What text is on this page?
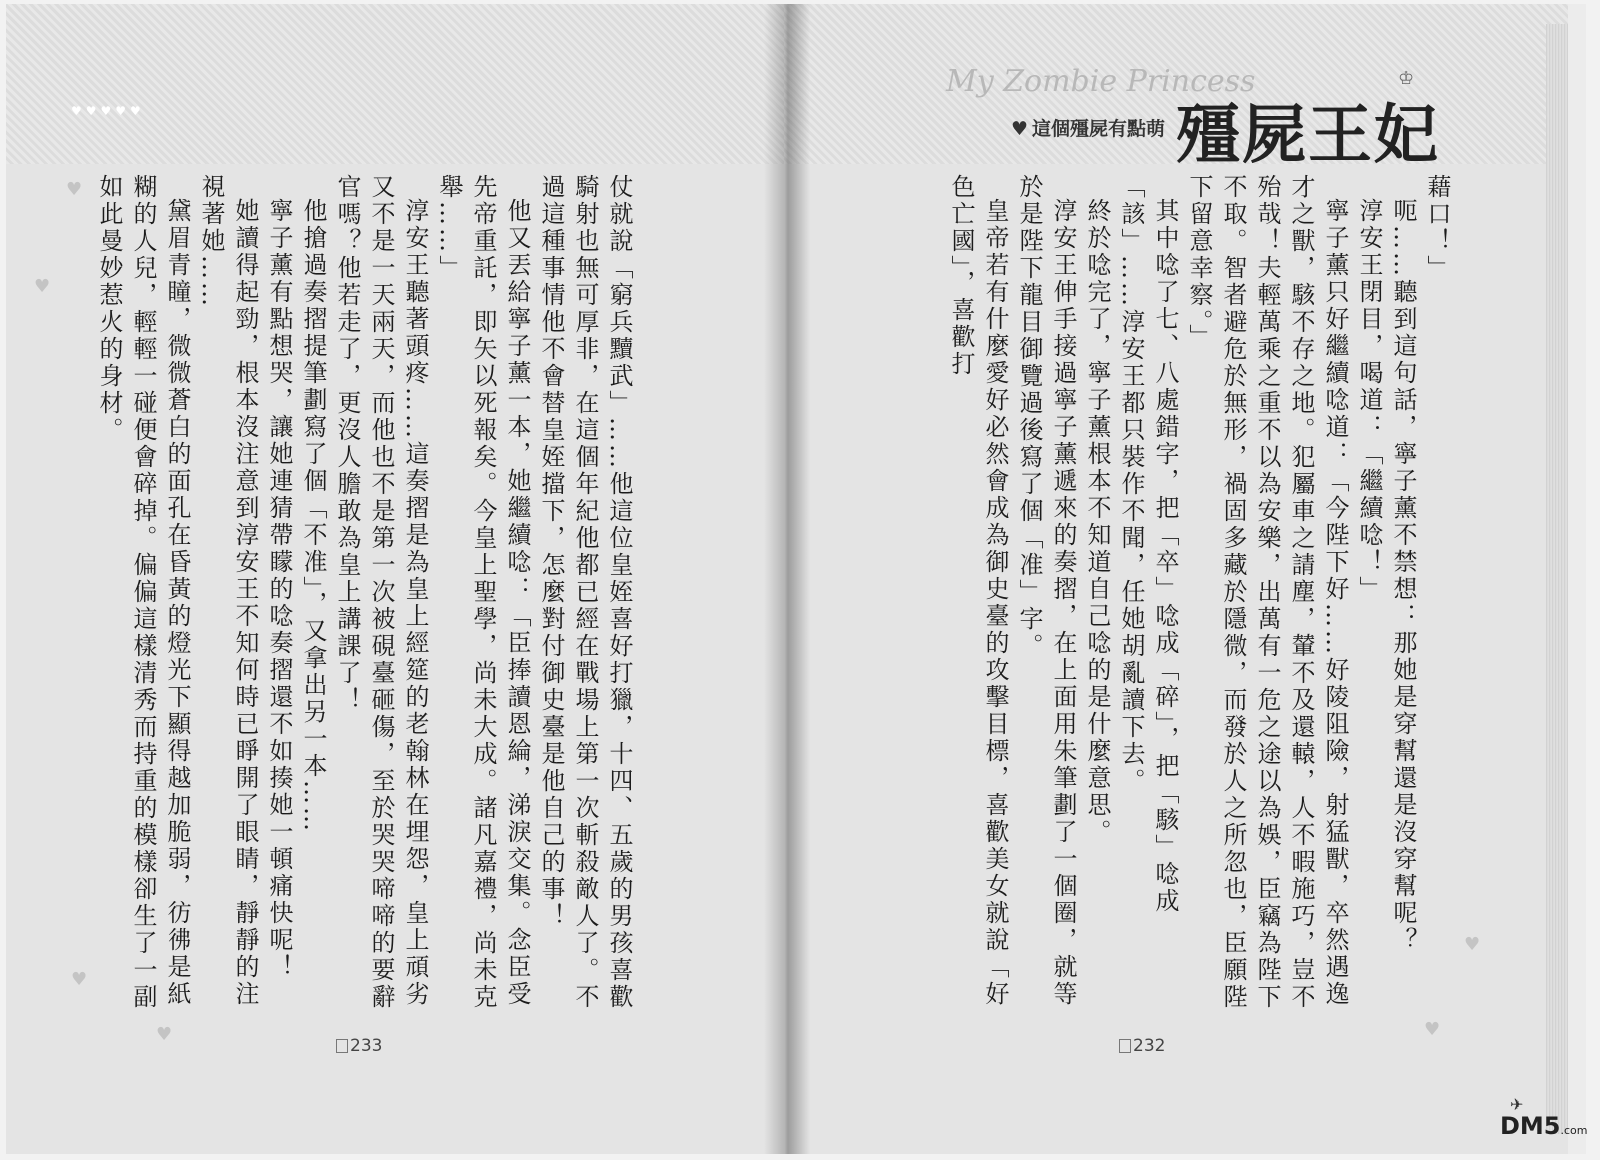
♥♥♥♥♥
♥
♥
♥
♥

仗就說「窮兵黷武」……他這位皇姪喜好打獵，十四、五歲的男孩喜歡騎射也無可厚非，在這個年紀他都已經在戰場上第一次斬殺敵人了。不過這種事情他不會替皇姪擋下，怎麼對付御史臺是他自己的事！

他又丟給寧子薰一本，她繼續唸：「臣捧讀恩綸，涕淚交集。念臣受先帝重託，即矢以死報矣。今皇上聖學，尚未大成。諸凡嘉禮，尚未克舉……」

淳安王聽著頭疼……這奏摺是為皇上經筵的老翰林在埋怨，皇上頑劣又不是一天兩天，而他也不是第一次被硯臺砸傷，至於哭哭啼啼的要辭官嗎？他若走了，更沒人膽敢為皇上講課了！

他搶過奏摺提筆劃寫了個「不准」，又拿出另一本……

寧子薰有點想哭，讓她連猜帶矇的唸奏摺還不如揍她一頓痛快呢！

她讀得起勁，根本沒注意到淳安王不知何時已睜開了眼睛，靜靜的注視著她……

黛眉青瞳，微微蒼白的面孔在昏黃的燈光下顯得越加脆弱，彷彿是紙糊的人兒，輕輕一碰便會碎掉。偏偏這樣清秀而持重的模樣卻生了一副如此曼妙惹火的身材。

233
♥
♥

藉口！」

呃……聽到這句話，寧子薰不禁想：那她是穿幫還是沒穿幫呢？

淳安王閉目，喝道：「繼續唸！」

寧子薰只好繼續唸道：「今陛下好……好陵阻險，射猛獸，卒然遇逸才之獸，駭不存之地。犯屬車之請塵，輦不及還轅，人不暇施巧，豈不殆哉！夫輕萬乘之重不以為安樂，出萬有一危之途以為娛，臣竊為陛下不取。智者避危於無形，禍固多藏於隱微，而發於人之所忽也，臣願陛下留意幸察。」

其中唸了七、八處錯字，把「卒」唸成「碎」，把「駭」唸成「該」……淳安王都只裝作不聞，任她胡亂讀下去。

終於唸完了，寧子薰根本不知道自己唸的是什麼意思。

淳安王伸手接過寧子薰遞來的奏摺，在上面用朱筆劃了一個圈，就等於是陛下龍目御覽過後寫了個「准」字。

皇帝若有什麼愛好必然會成為御史臺的攻擊目標，喜歡美女就說「好色亡國」，喜歡打

232
My Zombie Princess
♥ 這個殭屍有點萌 殭屍王妃
♔
✈
DM5.com
